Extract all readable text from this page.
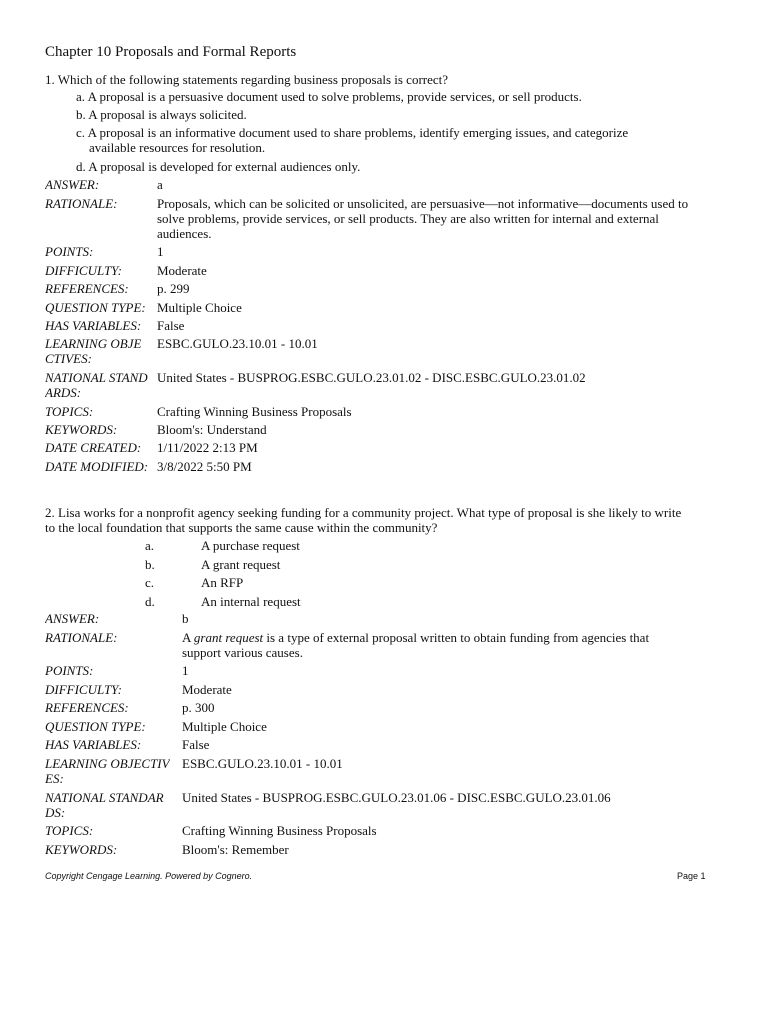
Chapter 10 Proposals and Formal Reports
1. Which of the following statements regarding business proposals is correct?
a. A proposal is a persuasive document used to solve problems, provide services, or sell products.
b. A proposal is always solicited.
c. A proposal is an informative document used to share problems, identify emerging issues, and categorize
available resources for resolution.
d. A proposal is developed for external audiences only.
ANSWER:	a
RATIONALE:	Proposals, which can be solicited or unsolicited, are persuasive—not informative—documents used to
solve problems, provide services, or sell products. They are also written for internal and external
audiences.
POINTS:	1
DIFFICULTY:	Moderate
REFERENCES: p. 299
QUESTION TYPE: Multiple Choice
HAS VARIABLES: False
LEARNING OBJE
CTIVES:
ESBC.GULO.23.10.01 - 10.01
NATIONAL STAND
ARDS:
United States - BUSPROG.ESBC.GULO.23.01.02 - DISC.ESBC.GULO.23.01.02
TOPICS:	Crafting Winning Business Proposals
KEYWORDS:	Bloom's: Understand
DATE CREATED: 1/11/2022 2:13 PM
DATE MODIFIED: 3/8/2022 5:50 PM
2. Lisa works for a nonprofit agency seeking funding for a community project. What type of proposal is she likely to write
to the local foundation that supports the same cause within the community?
a.	A purchase request
b.	A grant request
c.	An RFP
d.	An internal request
ANSWER:	b
RATIONALE:	A grant request is a type of external proposal written to obtain funding from agencies that
support various causes.
POINTS:	1
DIFFICULTY:	Moderate
REFERENCES:	p. 300
QUESTION TYPE:	Multiple Choice
HAS VARIABLES:	False
LEARNING OBJECTIV
ES:
ESBC.GULO.23.10.01 - 10.01
NATIONAL STANDAR
DS:
United States - BUSPROG.ESBC.GULO.23.01.06 - DISC.ESBC.GULO.23.01.06
TOPICS:	Crafting Winning Business Proposals
KEYWORDS:	Bloom's: Remember
Copyright Cengage Learning. Powered by Cognero.	Page 1
